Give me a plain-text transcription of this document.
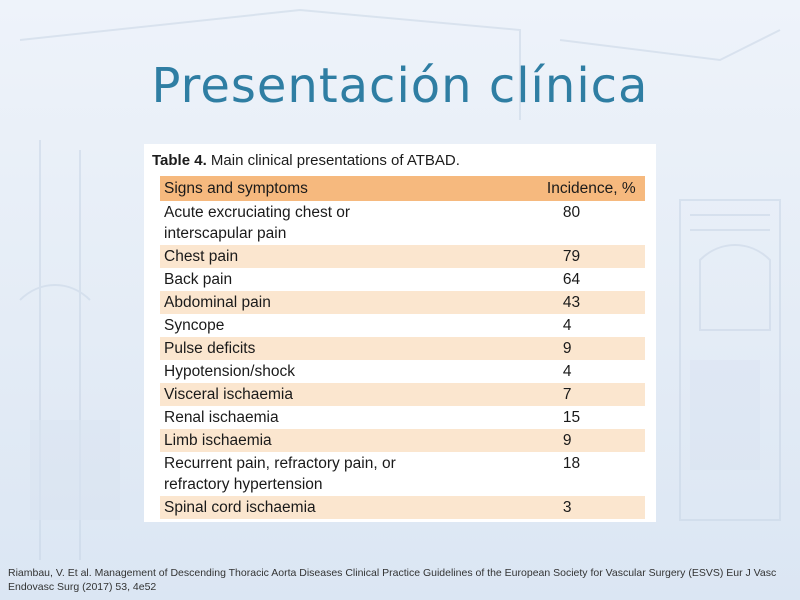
Presentación clínica
Table 4. Main clinical presentations of ATBAD.
Signs and symptoms	Incidence, %
Acute excruciating chest or interscapular pain	80
Chest pain	79
Back pain	64
Abdominal pain	43
Syncope	4
Pulse deficits	9
Hypotension/shock	4
Visceral ischaemia	7
Renal ischaemia	15
Limb ischaemia	9
Recurrent pain, refractory pain, or refractory hypertension	18
Spinal cord ischaemia	3
Riambau, V. Et al. Management of Descending Thoracic Aorta Diseases Clinical Practice Guidelines of the European Society for Vascular Surgery (ESVS) Eur J Vasc Endovasc Surg (2017) 53, 4e52
